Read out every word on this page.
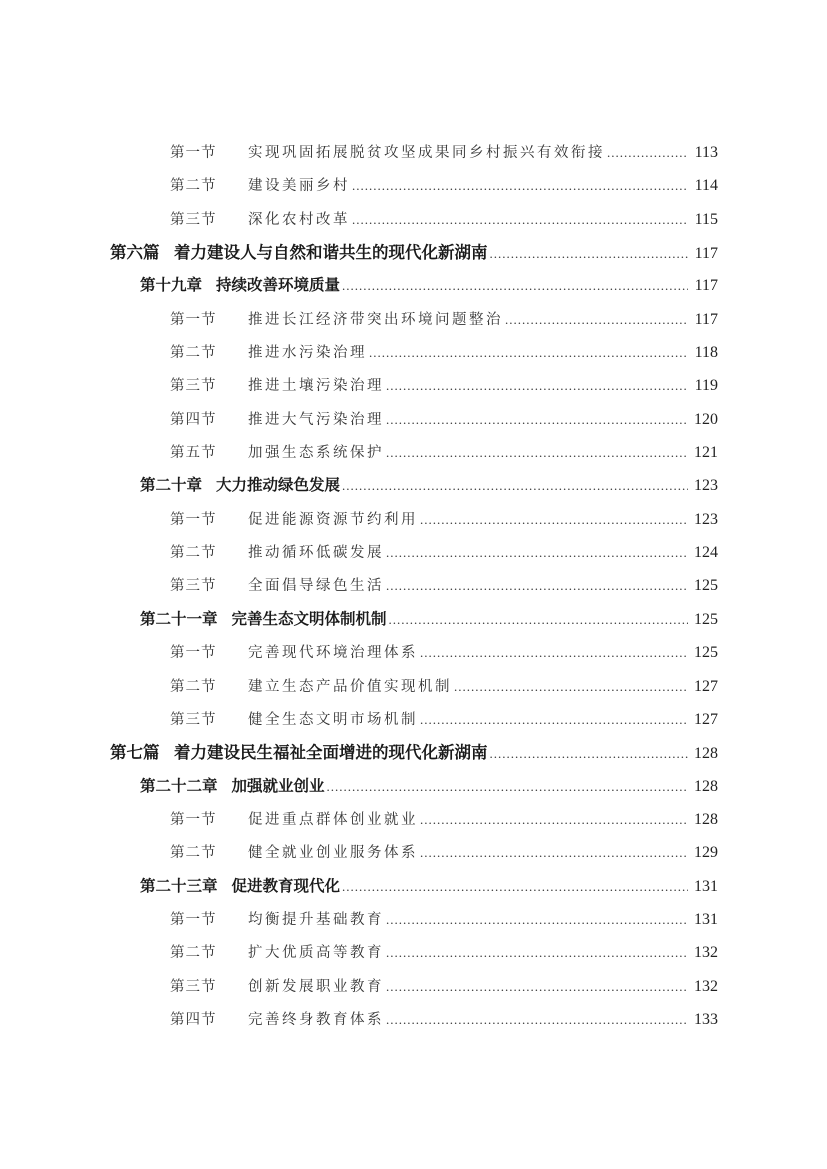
第一节	实现巩固拓展脱贫攻坚成果同乡村振兴有效衔接 .....	113
第二节	建设美丽乡村 .....	114
第三节	深化农村改革 .....	115
第六篇 着力建设人与自然和谐共生的现代化新湖南 .....	117
第十九章 持续改善环境质量 .....	117
第一节	推进长江经济带突出环境问题整治 .....	117
第二节	推进水污染治理 .....	118
第三节	推进土壤污染治理 .....	119
第四节	推进大气污染治理 .....	120
第五节	加强生态系统保护 .....	121
第二十章 大力推动绿色发展 .....	123
第一节	促进能源资源节约利用 .....	123
第二节	推动循环低碳发展 .....	124
第三节	全面倡导绿色生活 .....	125
第二十一章 完善生态文明体制机制 .....	125
第一节	完善现代环境治理体系 .....	125
第二节	建立生态产品价值实现机制 .....	127
第三节	健全生态文明市场机制 .....	127
第七篇 着力建设民生福祉全面增进的现代化新湖南 .....	128
第二十二章 加强就业创业 .....	128
第一节	促进重点群体创业就业 .....	128
第二节	健全就业创业服务体系 .....	129
第二十三章 促进教育现代化 .....	131
第一节	均衡提升基础教育 .....	131
第二节	扩大优质高等教育 .....	132
第三节	创新发展职业教育 .....	132
第四节	完善终身教育体系 .....	133
